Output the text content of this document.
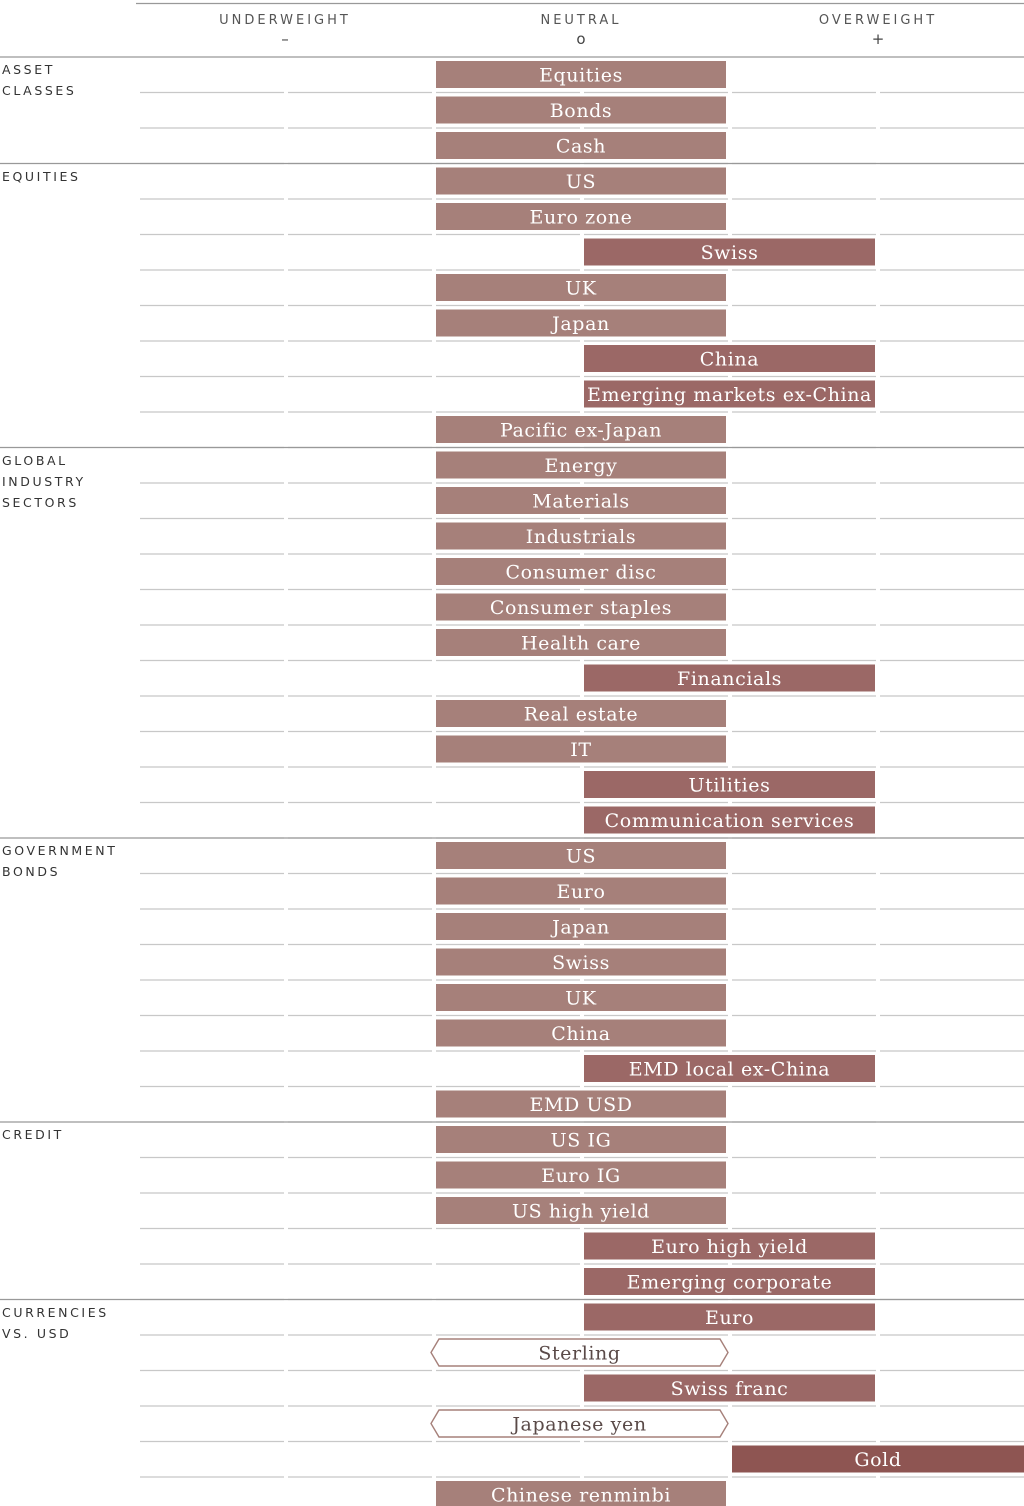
UNDERWEIGHT
–
NEUTRAL
o
OVERWEIGHT
+
ASSET
CLASSES
EQUITIES
GLOBAL
INDUSTRY
SECTORS
GOVERNMENT
BONDS
CREDIT
CURRENCIES
VS. USD
Equities
Bonds
Cash
US
Euro zone
Swiss
UK
Japan
China
Emerging markets ex-China
Pacific ex-Japan
Energy
Materials
Industrials
Consumer disc
Consumer staples
Health care
Financials
Real estate
IT
Utilities
Communication services
US
Euro
Japan
Swiss
UK
China
EMD local ex-China
EMD USD
US IG
Euro IG
US high yield
Euro high yield
Emerging corporate
Euro
Sterling
Swiss franc
Japanese yen
Gold
Chinese renminbi
